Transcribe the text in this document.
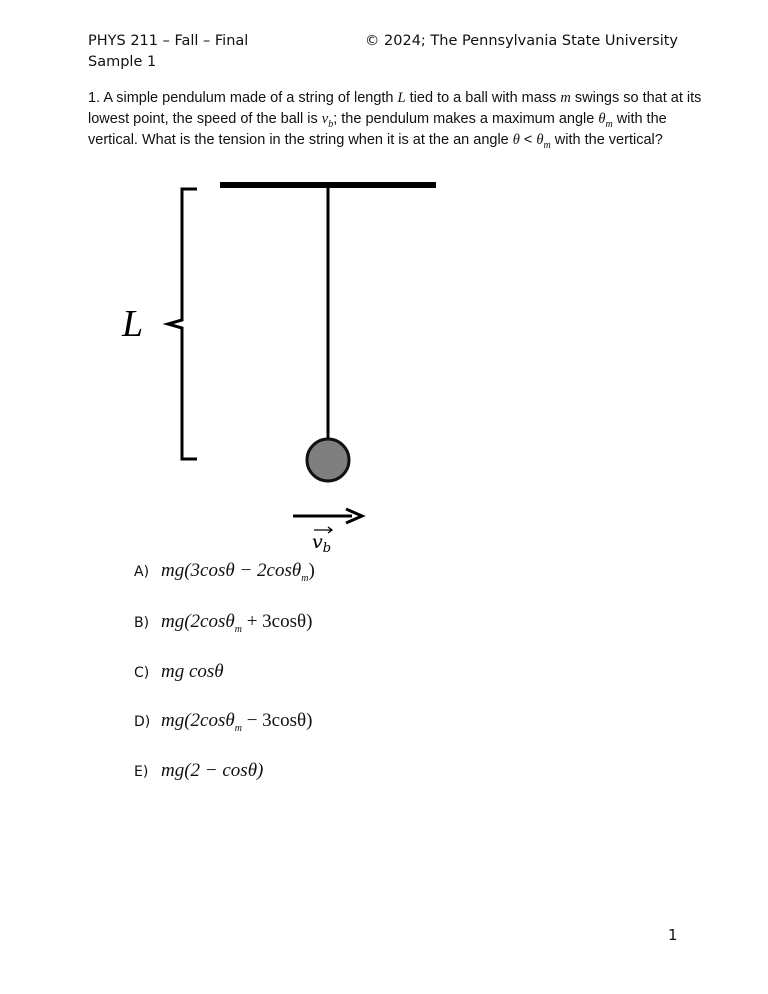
PHYS 211 – Fall – Final
Sample 1
© 2024; The Pennsylvania State University
1. A simple pendulum made of a string of length L tied to a ball with mass m swings so that at its lowest point, the speed of the ball is $v_b$; the pendulum makes a maximum angle $\theta_m$ with the vertical. What is the tension in the string when it is at the an angle $\theta < \theta_m$ with the vertical?
L
$v_b$
A) mg(3cosθ − 2cosθ$_m$)
B) mg(2cosθ$_m$ + 3cosθ)
C) mg cosθ
D) mg(2cosθ$_m$ − 3cosθ)
E) mg(2 − cosθ)
1
